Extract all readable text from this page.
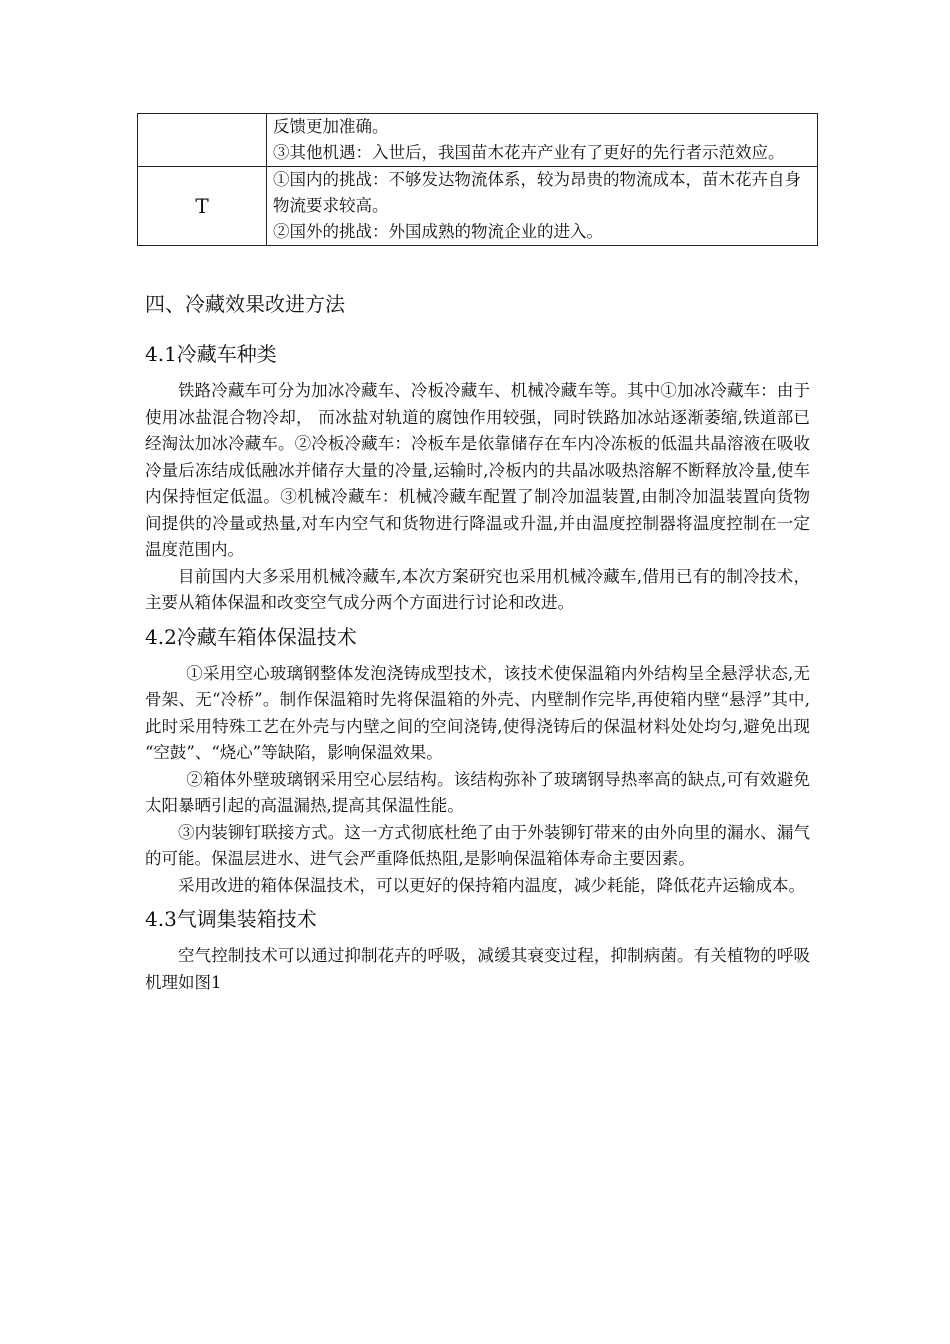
	反馈更加准确。
③其他机遇：入世后，我国苗木花卉产业有了更好的先行者示范效应。

T	①国内的挑战：不够发达物流体系，较为昂贵的物流成本，苗木花卉自身物流要求较高。
②国外的挑战：外国成熟的物流企业的进入。
四、冷藏效果改进方法
4.1冷藏车种类

铁路冷藏车可分为加冰冷藏车、冷板冷藏车、机械冷藏车等。其中①加冰冷藏车：由于使用冰盐混合物冷却， 而冰盐对轨道的腐蚀作用较强，同时铁路加冰站逐渐萎缩,铁道部已经淘汰加冰冷藏车。②冷板冷藏车：冷板车是依靠储存在车内冷冻板的低温共晶溶液在吸收冷量后冻结成低融冰并储存大量的冷量,运输时,冷板内的共晶冰吸热溶解不断释放冷量,使车内保持恒定低温。③机械冷藏车：机械冷藏车配置了制冷加温装置,由制冷加温装置向货物间提供的冷量或热量,对车内空气和货物进行降温或升温,并由温度控制器将温度控制在一定温度范围内。

目前国内大多采用机械冷藏车,本次方案研究也采用机械冷藏车,借用已有的制冷技术，主要从箱体保温和改变空气成分两个方面进行讨论和改进。

4.2冷藏车箱体保温技术

①采用空心玻璃钢整体发泡浇铸成型技术，该技术使保温箱内外结构呈全悬浮状态,无骨架、无“冷桥”。制作保温箱时先将保温箱的外壳、内壁制作完毕,再使箱内壁“悬浮”其中,此时采用特殊工艺在外壳与内壁之间的空间浇铸,使得浇铸后的保温材料处处均匀,避免出现 “空鼓”、“烧心”等缺陷，影响保温效果。

②箱体外壁玻璃钢采用空心层结构。该结构弥补了玻璃钢导热率高的缺点,可有效避免太阳暴晒引起的高温漏热,提高其保温性能。

③内装铆钉联接方式。这一方式彻底杜绝了由于外装铆钉带来的由外向里的漏水、漏气的可能。保温层进水、进气会严重降低热阻,是影响保温箱体寿命主要因素。

采用改进的箱体保温技术，可以更好的保持箱内温度，减少耗能，降低花卉运输成本。

4.3气调集装箱技术

空气控制技术可以通过抑制花卉的呼吸，减缓其衰变过程，抑制病菌。有关植物的呼吸机理如图1
